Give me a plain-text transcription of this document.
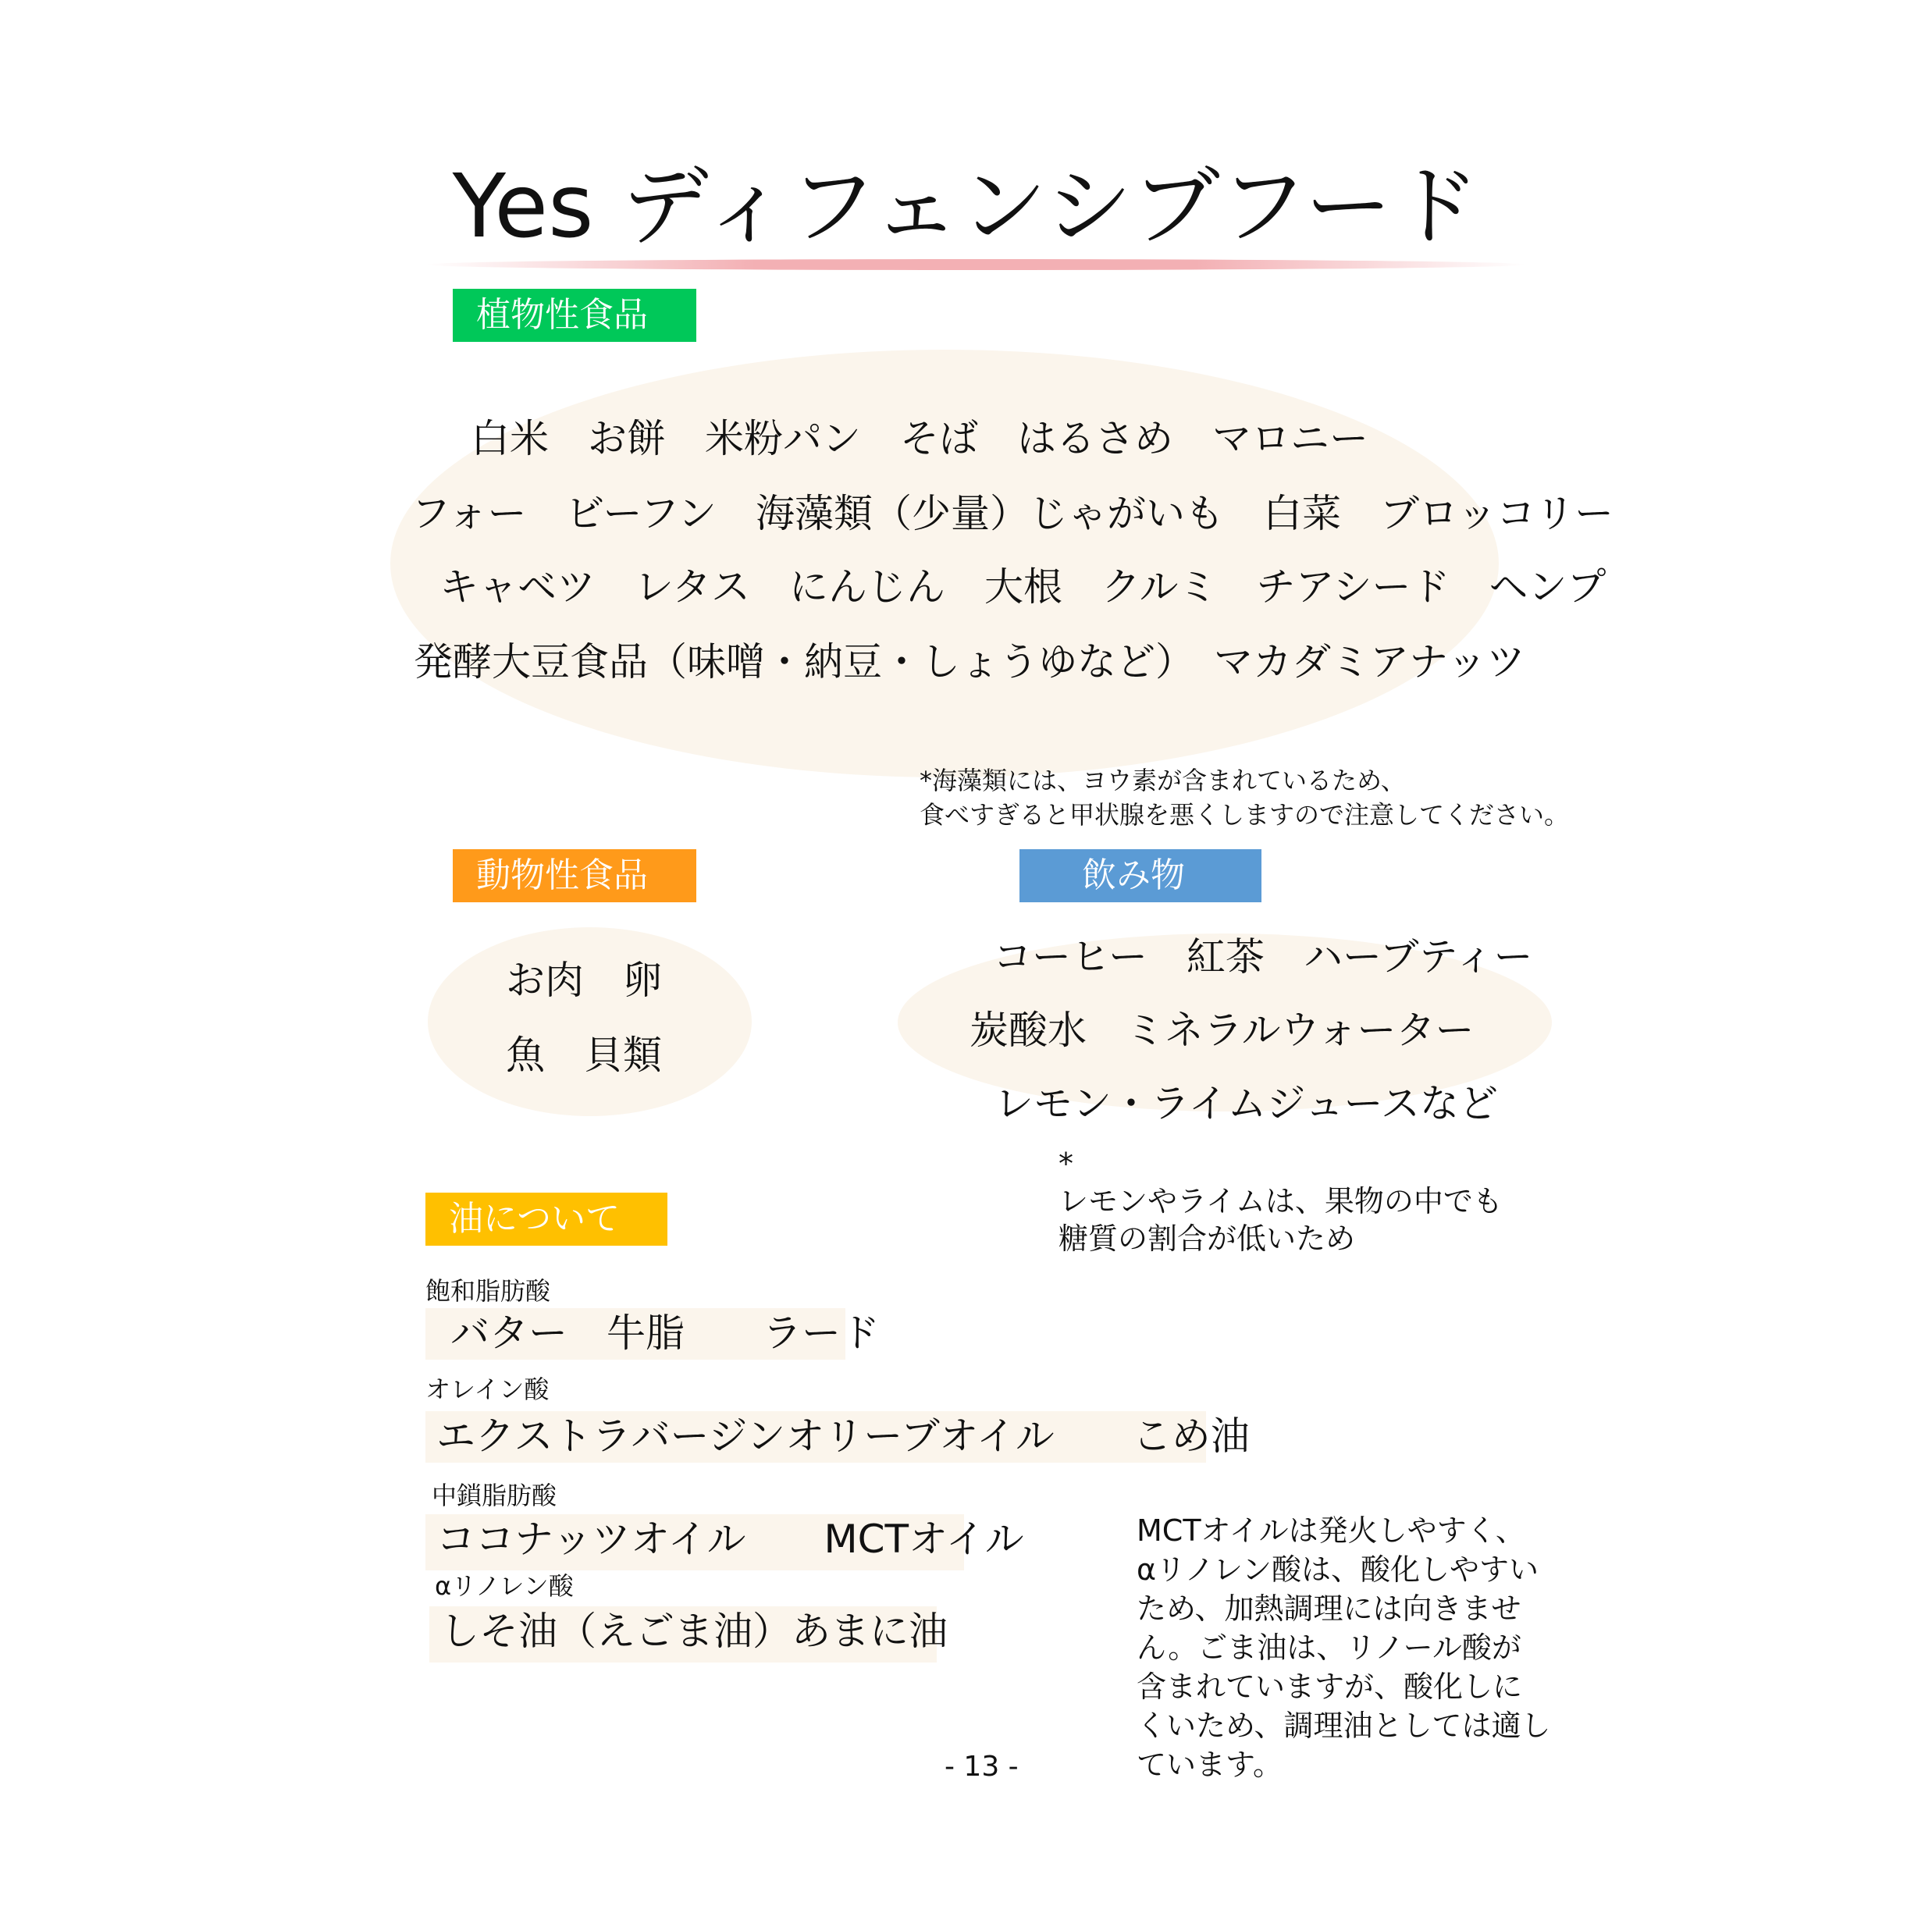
Yes ディフェンシブフード
植物性食品
白米　お餅　米粉パン　そば　はるさめ　マロニー
フォー　ビーフン　海藻類（少量）じゃがいも　白菜　ブロッコリー
キャベツ　レタス　にんじん　大根　クルミ　チアシード　ヘンプ
発酵大豆食品（味噌・納豆・しょうゆなど）　マカダミアナッツ
*海藻類には、ヨウ素が含まれているため、
食べすぎると甲状腺を悪くしますので注意してください。
動物性食品
お肉　卵
魚　貝類
飲み物
コーヒー　紅茶　ハーブティー
炭酸水　ミネラルウォーター
レモン・ライムジュースなど
*
レモンやライムは、果物の中でも
糖質の割合が低いため
油について
飽和脂肪酸
バター　牛脂　　ラード
オレイン酸
エクストラバージンオリーブオイル　　こめ油
中鎖脂肪酸
ココナッツオイル　　MCTオイル
αリノレン酸
しそ油（えごま油）あまに油
MCTオイルは発火しやすく、
αリノレン酸は、酸化しやすい
ため、加熱調理には向きませ
ん。ごま油は、リノール酸が
含まれていますが、酸化しに
くいため、調理油としては適し
ています。
- 13 -
